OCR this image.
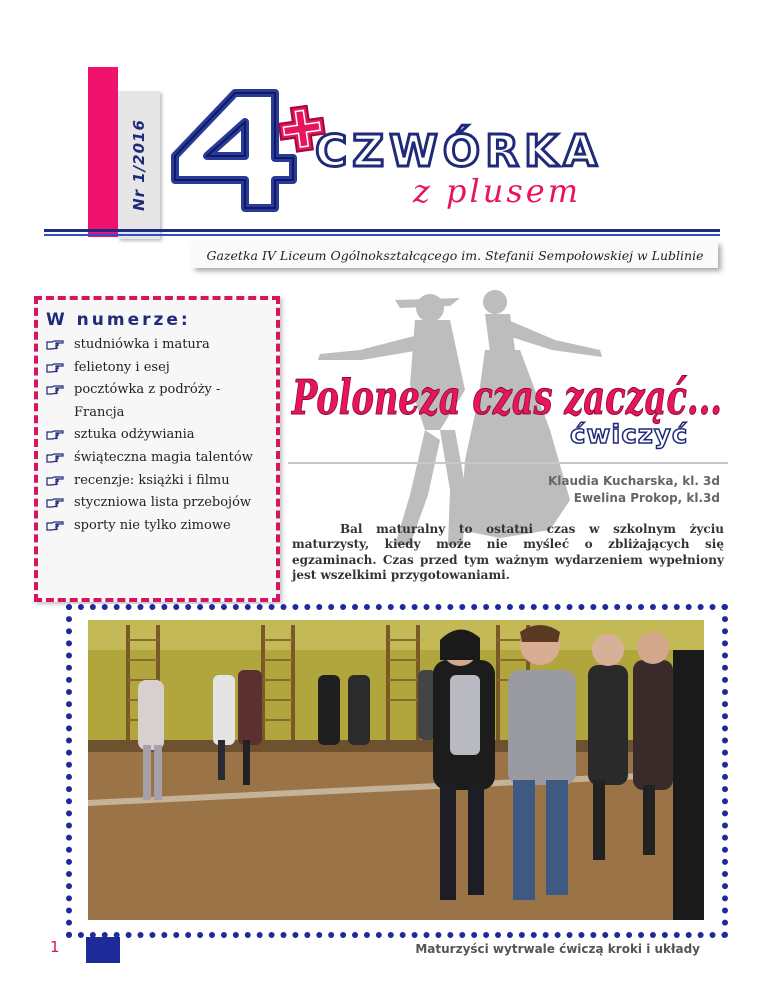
Nr 1/2016	CZWÓRKA
z plusem
Gazetka IV Liceum Ogólnokształcącego im. Stefanii Sempołowskiej w Lublinie
W numerze:
studniówka i matura
felietony i esej
pocztówka z podróży - Francja
sztuka odżywiania
świąteczna magia talentów
recenzje: książki i filmu
styczniowa lista przebojów
sporty nie tylko zimowe
Poloneza czas zacząć...
ćwiczyć
Klaudia Kucharska, kl. 3d
Ewelina Prokop, kl.3d
Bal maturalny to ostatni czas w szkolnym życiu maturzysty, kiedy może nie myśleć o zbliżających się egzaminach. Czas przed tym ważnym wydarzeniem wypełniony jest wszelkimi przygotowaniami.
Maturzyści wytrwale ćwiczą kroki i układy
1
